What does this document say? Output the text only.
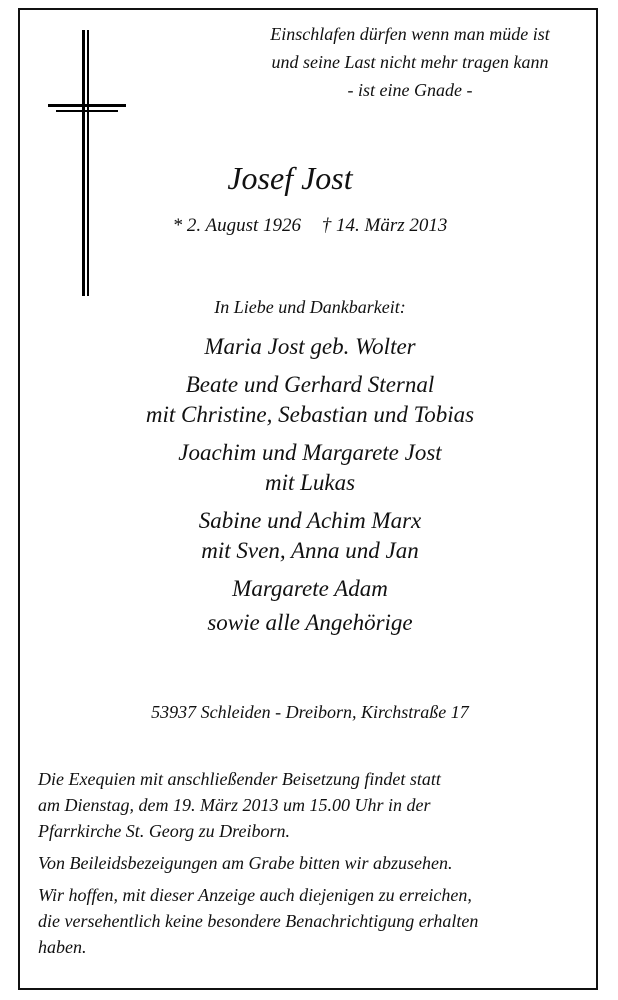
Einschlafen dürfen wenn man müde ist
und seine Last nicht mehr tragen kann
- ist eine Gnade -
Josef Jost
* 2. August 1926 † 14. März 2013
In Liebe und Dankbarkeit:
Maria Jost geb. Wolter
Beate und Gerhard Sternal
mit Christine, Sebastian und Tobias
Joachim und Margarete Jost
mit Lukas
Sabine und Achim Marx
mit Sven, Anna und Jan
Margarete Adam
sowie alle Angehörige
53937 Schleiden - Dreiborn, Kirchstraße 17

Die Exequien mit anschließender Beisetzung findet statt
am Dienstag, dem 19. März 2013 um 15.00 Uhr in der
Pfarrkirche St. Georg zu Dreiborn.

Von Beileidsbezeigungen am Grabe bitten wir abzusehen.

Wir hoffen, mit dieser Anzeige auch diejenigen zu erreichen,
die versehentlich keine besondere Benachrichtigung erhalten
haben.
